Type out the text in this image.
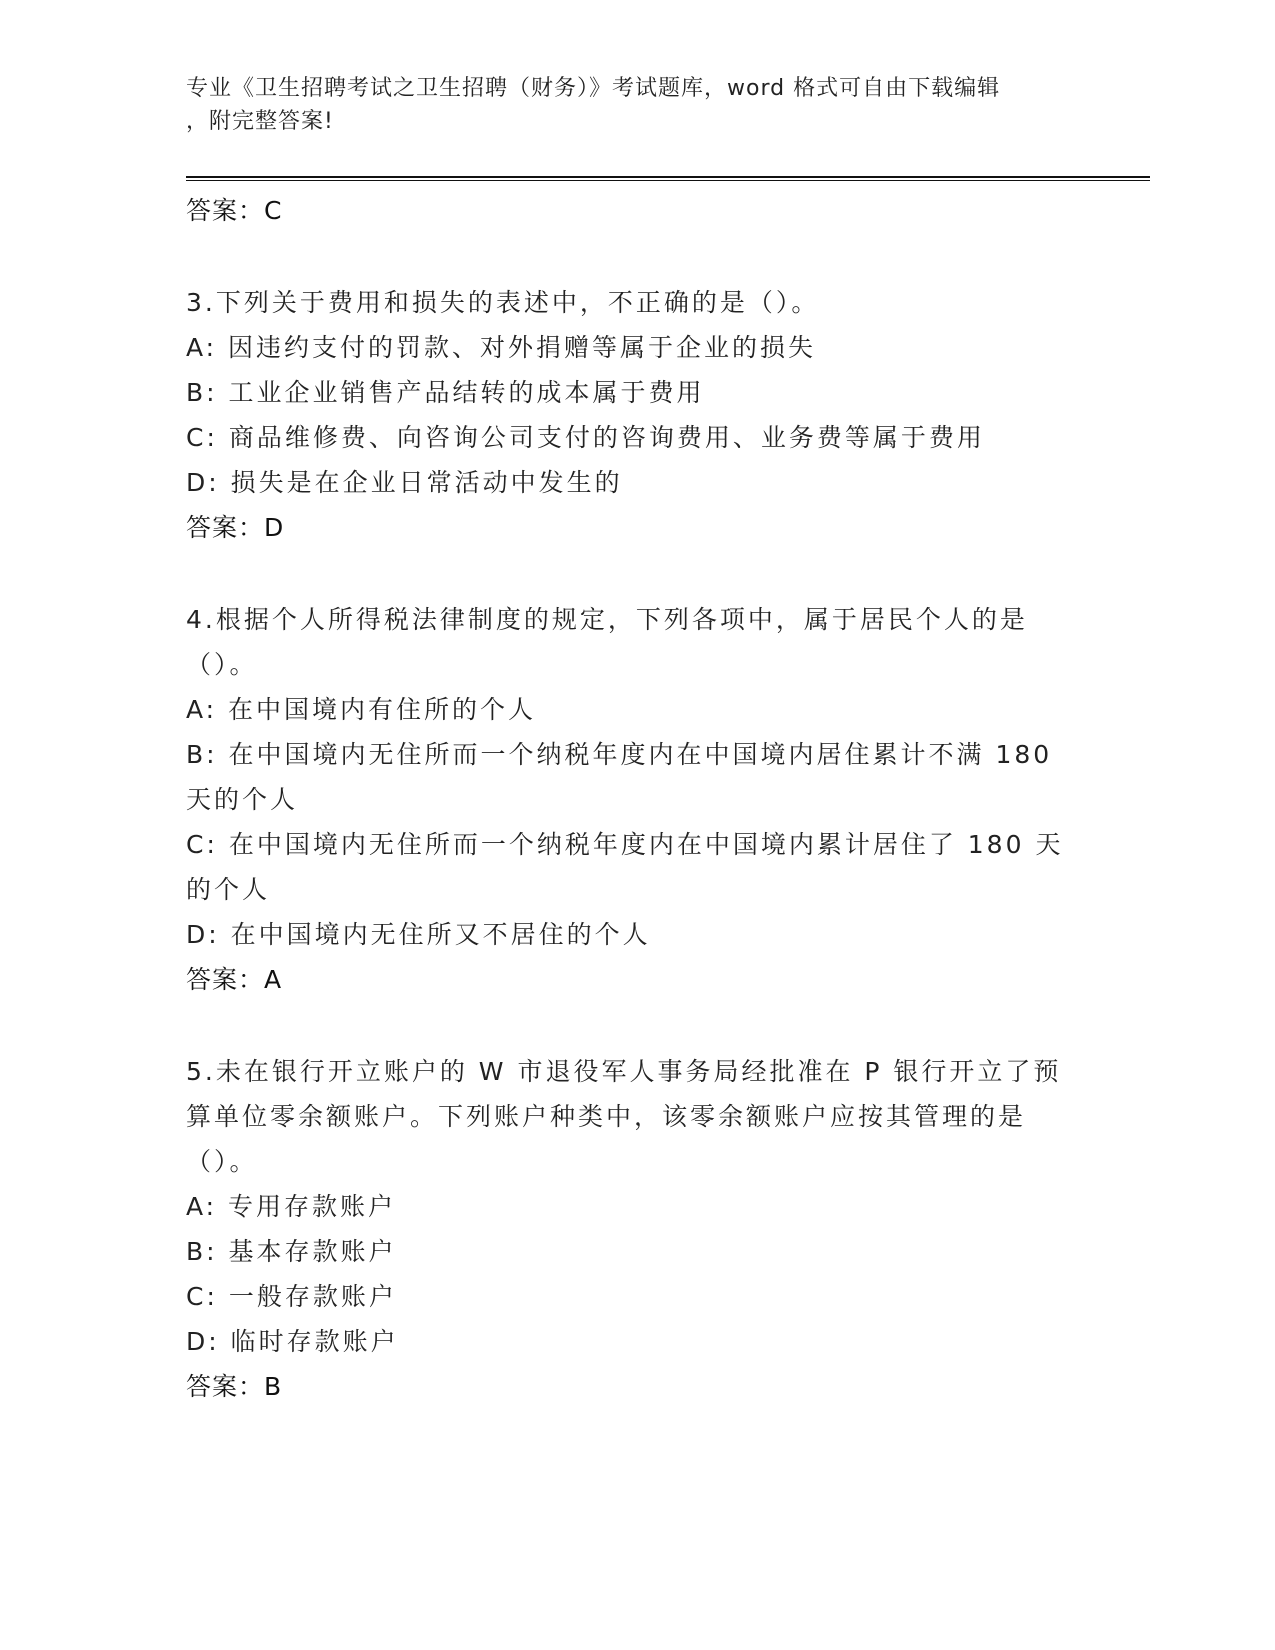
专业《卫生招聘考试之卫生招聘（财务）》考试题库，word 格式可自由下载编辑
，附完整答案!

答案：C

3.下列关于费用和损失的表述中，不正确的是（）。

A: 因违约支付的罚款、对外捐赠等属于企业的损失

B: 工业企业销售产品结转的成本属于费用

C: 商品维修费、向咨询公司支付的咨询费用、业务费等属于费用

D: 损失是在企业日常活动中发生的

答案：D

4.根据个人所得税法律制度的规定，下列各项中，属于居民个人的是

（）。

A: 在中国境内有住所的个人

B: 在中国境内无住所而一个纳税年度内在中国境内居住累计不满 180

天的个人

C: 在中国境内无住所而一个纳税年度内在中国境内累计居住了 180 天

的个人

D: 在中国境内无住所又不居住的个人

答案：A

5.未在银行开立账户的 W 市退役军人事务局经批准在 P 银行开立了预

算单位零余额账户。下列账户种类中，该零余额账户应按其管理的是

（）。

A: 专用存款账户

B: 基本存款账户

C: 一般存款账户

D: 临时存款账户

答案：B
